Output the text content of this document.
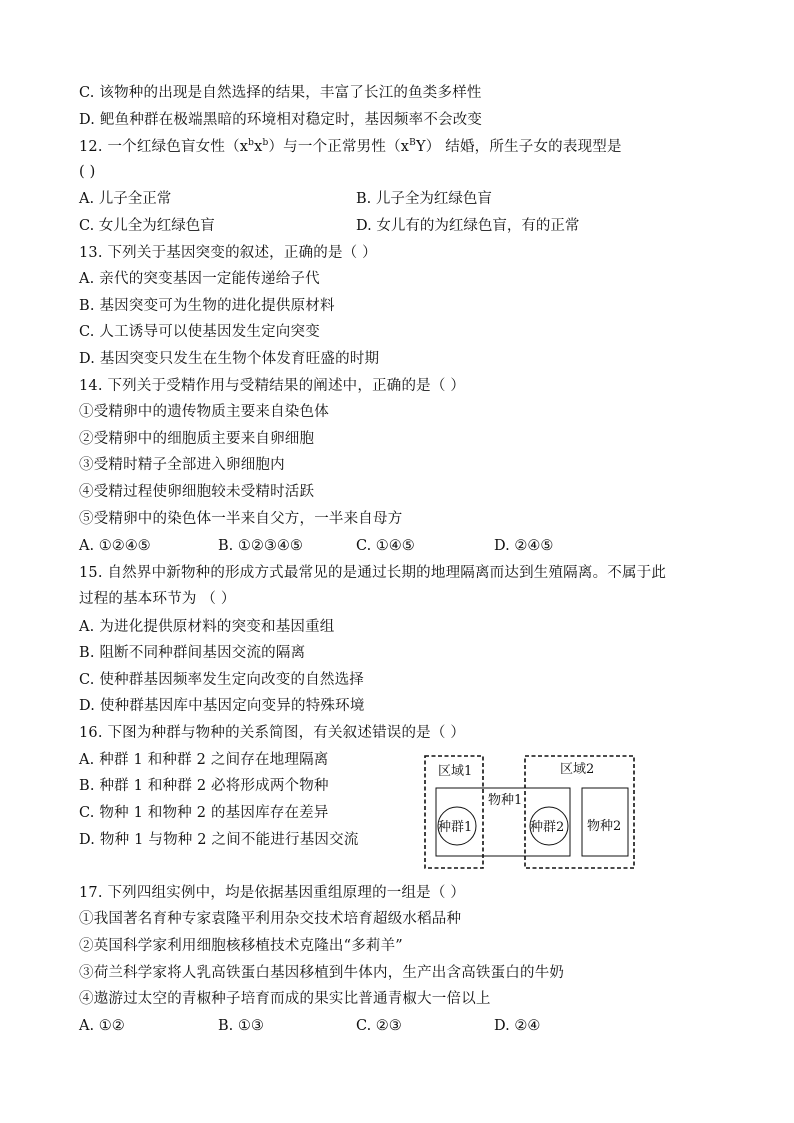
C. 该物种的出现是自然选择的结果，丰富了长江的鱼类多样性
D. 鲃鱼种群在极端黑暗的环境相对稳定时，基因频率不会改变
12. 一个红绿色盲女性$(x^bx^b)$与一个正常男性$(x^BY)$ 结婚，所生子女的表现型是
( )
A. 儿子全正常	B. 儿子全为红绿色盲
C. 女儿全为红绿色盲	D. 女儿有的为红绿色盲，有的正常
13. 下列关于基因突变的叙述，正确的是（ ）
A. 亲代的突变基因一定能传递给子代
B. 基因突变可为生物的进化提供原材料
C. 人工诱导可以使基因发生定向突变
D. 基因突变只发生在生物个体发育旺盛的时期
14. 下列关于受精作用与受精结果的阐述中，正确的是（ ）
①受精卵中的遗传物质主要来自染色体
②受精卵中的细胞质主要来自卵细胞
③受精时精子全部进入卵细胞内
④受精过程使卵细胞较未受精时活跃
⑤受精卵中的染色体一半来自父方，一半来自母方
A. ①②④⑤	B. ①②③④⑤	C. ①④⑤	D. ②④⑤
15. 自然界中新物种的形成方式最常见的是通过长期的地理隔离而达到生殖隔离。不属于此
过程的基本环节为 （ ）
A. 为进化提供原材料的突变和基因重组
B. 阻断不同种群间基因交流的隔离
C. 使种群基因频率发生定向改变的自然选择
D. 使种群基因库中基因定向变异的特殊环境
16. 下图为种群与物种的关系简图，有关叙述错误的是（ ）
A. 种群 1 和种群 2 之间存在地理隔离
B. 种群 1 和种群 2 必将形成两个物种
C. 物种 1 和物种 2 的基因库存在差异
D. 物种 1 与物种 2 之间不能进行基因交流
区域1	区域2
物种1
物种2
种群1	种群2
17. 下列四组实例中，均是依据基因重组原理的一组是（ ）
①我国著名育种专家袁隆平利用杂交技术培育超级水稻品种
②英国科学家利用细胞核移植技术克隆出“多莉羊”
③荷兰科学家将人乳高铁蛋白基因移植到牛体内，生产出含高铁蛋白的牛奶
④遨游过太空的青椒种子培育而成的果实比普通青椒大一倍以上
A. ①②	B. ①③	C. ②③	D. ②④
